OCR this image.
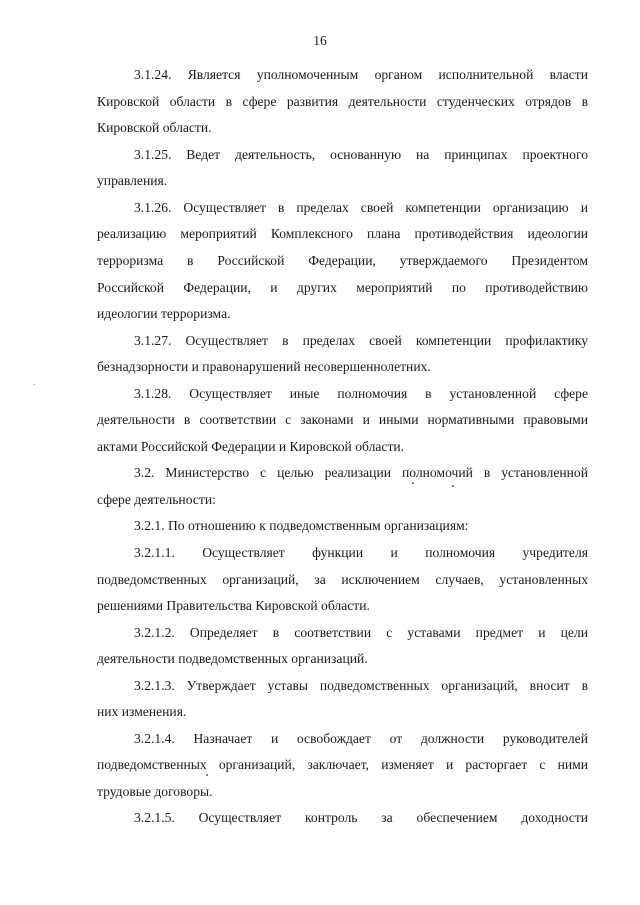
16
3.1.24. Является уполномоченным органом исполнительной власти
Кировской области в сфере развития деятельности студенческих отрядов в
Кировской области.
3.1.25. Ведет деятельность, основанную на принципах проектного
управления.
3.1.26. Осуществляет в пределах своей компетенции организацию и
реализацию мероприятий Комплексного плана противодействия идеологии
терроризма в Российской Федерации, утверждаемого Президентом
Российской Федерации, и других мероприятий по противодействию
идеологии терроризма.
3.1.27. Осуществляет в пределах своей компетенции профилактику
безнадзорности и правонарушений несовершеннолетних.
3.1.28. Осуществляет иные полномочия в установленной сфере
деятельности в соответствии с законами и иными нормативными правовыми
актами Российской Федерации и Кировской области.
3.2. Министерство с целью реализации полномочий в установленной
сфере деятельности:
3.2.1. По отношению к подведомственным организациям:
3.2.1.1. Осуществляет функции и полномочия учредителя
подведомственных организаций, за исключением случаев, установленных
решениями Правительства Кировской области.
3.2.1.2. Определяет в соответствии с уставами предмет и цели
деятельности подведомственных организаций.
3.2.1.3. Утверждает уставы подведомственных организаций, вносит в
них изменения.
3.2.1.4. Назначает и освобождает от должности руководителей
подведомственных организаций, заключает, изменяет и расторгает с ними
трудовые договоры.
3.2.1.5. Осуществляет контроль за обеспечением доходности
